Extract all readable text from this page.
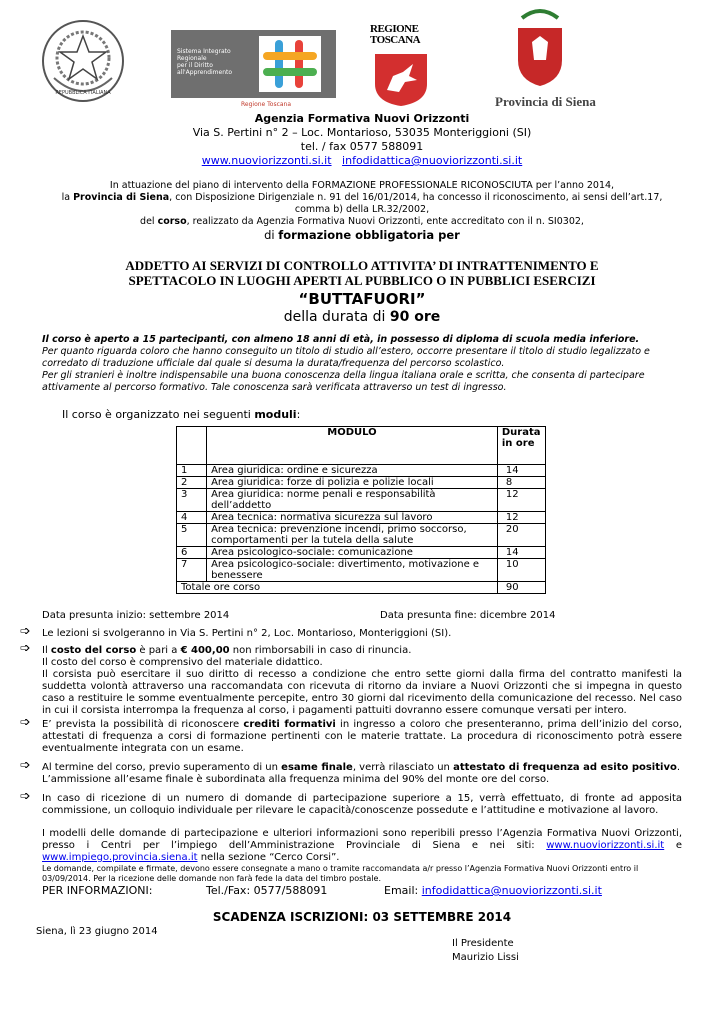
REPUBBLICA ITALIANA
Sistema Integrato
Regionale
per il Diritto
all'Apprendimento
Regione Toscana
REGIONE
TOSCANA
Provincia di Siena
Agenzia Formativa Nuovi Orizzonti
Via S. Pertini n° 2 – Loc. Montarioso, 53035 Monteriggioni (SI)
tel. / fax 0577 588091
www.nuoviorizzonti.si.it infodidattica@nuoviorizzonti.si.it
In attuazione del piano di intervento della FORMAZIONE PROFESSIONALE RICONOSCIUTA per l’anno 2014,
la Provincia di Siena, con Disposizione Dirigenziale n. 91 del 16/01/2014, ha concesso il riconoscimento, ai sensi dell’art.17,
comma b) della LR.32/2002,
del corso, realizzato da Agenzia Formativa Nuovi Orizzonti, ente accreditato con il n. SI0302,
di formazione obbligatoria per
ADDETTO AI SERVIZI DI CONTROLLO ATTIVITA’ DI INTRATTENIMENTO E
SPETTACOLO IN LUOGHI APERTI AL PUBBLICO O IN PUBBLICI ESERCIZI
“BUTTAFUORI”
della durata di 90 ore
Il corso è aperto a 15 partecipanti, con almeno 18 anni di età, in possesso di diploma di scuola media inferiore.
Per quanto riguarda coloro che hanno conseguito un titolo di studio all’estero, occorre presentare il titolo di studio legalizzato e corredato di traduzione ufficiale dal quale si desuma la durata/frequenza del percorso scolastico.
Per gli stranieri è inoltre indispensabile una buona conoscenza della lingua italiana orale e scritta, che consenta di partecipare attivamente al percorso formativo. Tale conoscenza sarà verificata attraverso un test di ingresso.
Il corso è organizzato nei seguenti moduli:
	MODULO	Durata
in ore

1	Area giuridica: ordine e sicurezza	14
2	Area giuridica: forze di polizia e polizie locali	8
3	Area giuridica: norme penali e responsabilità dell’addetto	12
4	Area tecnica: normativa sicurezza sul lavoro	12
5	Area tecnica: prevenzione incendi, primo soccorso, comportamenti per la tutela della salute	20
6	Area psicologico-sociale: comunicazione	14
7	Area psicologico-sociale: divertimento, motivazione e benessere	10
Totale ore corso		90
Data presunta inizio: settembre 2014	Data presunta fine: dicembre 2014
➩ Le lezioni si svolgeranno in Via S. Pertini n° 2, Loc. Montarioso, Monteriggioni (SI).
➩ Il costo del corso è pari a € 400,00 non rimborsabili in caso di rinuncia.
Il costo del corso è comprensivo del materiale didattico.
Il corsista può esercitare il suo diritto di recesso a condizione che entro sette giorni dalla firma del contratto manifesti la suddetta volontà attraverso una raccomandata con ricevuta di ritorno da inviare a Nuovi Orizzonti che si impegna in questo caso a restituire le somme eventualmente percepite, entro 30 giorni dal ricevimento della comunicazione del recesso. Nel caso in cui il corsista interrompa la frequenza al corso, i pagamenti pattuiti dovranno essere comunque versati per intero.
➩ E’ prevista la possibilità di riconoscere crediti formativi in ingresso a coloro che presenteranno, prima dell’inizio del corso, attestati di frequenza a corsi di formazione pertinenti con le materie trattate. La procedura di riconoscimento potrà essere eventualmente integrata con un esame.
➩ Al termine del corso, previo superamento di un esame finale, verrà rilasciato un attestato di frequenza ad esito positivo.
L’ammissione all’esame finale è subordinata alla frequenza minima del 90% del monte ore del corso.
➩ In caso di ricezione di un numero di domande di partecipazione superiore a 15, verrà effettuato, di fronte ad apposita commissione, un colloquio individuale per rilevare le capacità/conoscenze possedute e l’attitudine e motivazione al lavoro.
I modelli delle domande di partecipazione e ulteriori informazioni sono reperibili presso l’Agenzia Formativa Nuovi Orizzonti, presso i Centri per l’impiego dell’Amministrazione Provinciale di Siena e nei siti: www.nuoviorizzonti.si.it e www.impiego.provincia.siena.it nella sezione “Cerco Corsi”.
Le domande, compilate e firmate, devono essere consegnate a mano o tramite raccomandata a/r presso l’Agenzia Formativa Nuovi Orizzonti entro il 03/09/2014. Per la ricezione delle domande non farà fede la data del timbro postale.
PER INFORMAZIONI:	Tel./Fax: 0577/588091	Email: infodidattica@nuoviorizzonti.si.it
SCADENZA ISCRIZIONI: 03 SETTEMBRE 2014
Siena, lì 23 giugno 2014
Il Presidente
Maurizio Lissi
